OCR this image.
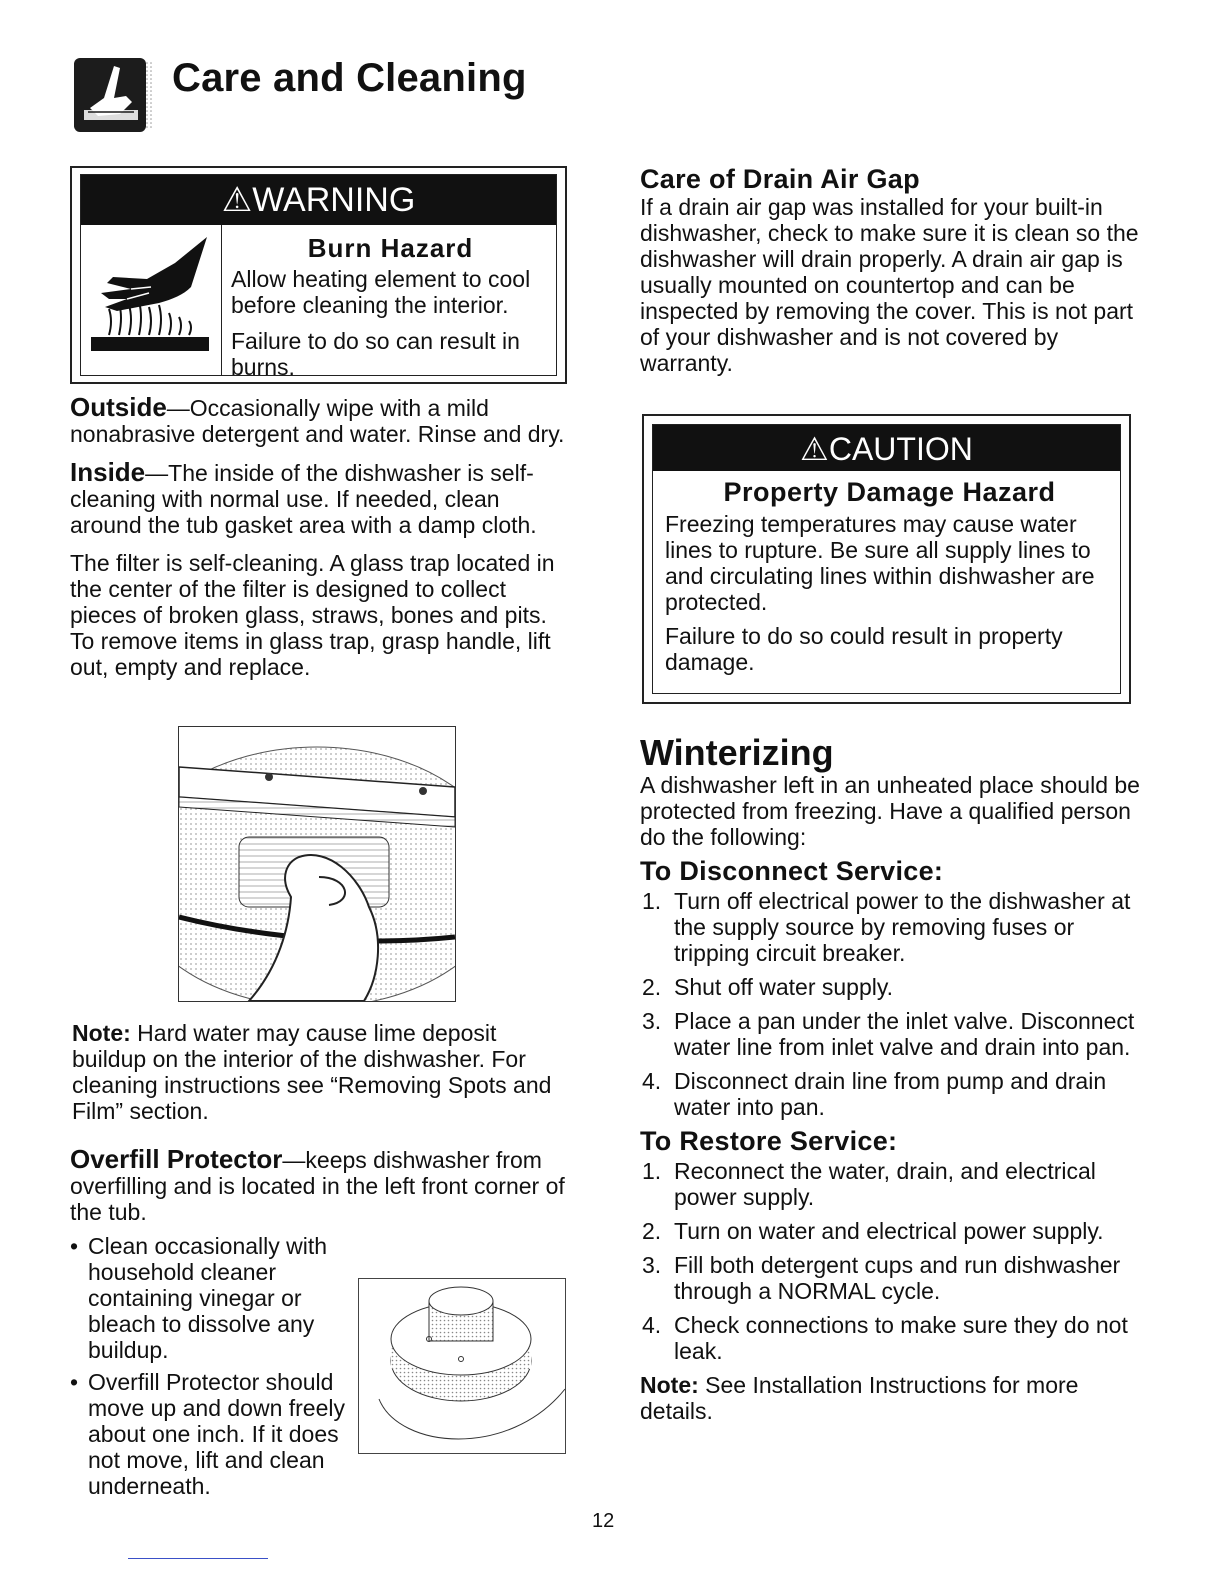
Care and Cleaning
⚠WARNING

Burn Hazard

Allow heating element to cool before cleaning the interior.

Failure to do so can result in burns.

Outside—Occasionally wipe with a mild nonabrasive detergent and water. Rinse and dry.

Inside—The inside of the dishwasher is self-cleaning with normal use. If needed, clean around the tub gasket area with a damp cloth.

The filter is self-cleaning. A glass trap located in the center of the filter is designed to collect pieces of broken glass, straws, bones and pits. To remove items in glass trap, grasp handle, lift out, empty and replace.

Note: Hard water may cause lime deposit buildup on the interior of the dishwasher. For cleaning instructions see “Removing Spots and Film” section.

Overfill Protector—keeps dishwasher from overfilling and is located in the left front corner of the tub.

• Clean occasionally with household cleaner containing vinegar or bleach to dissolve any buildup.
• Overfill Protector should move up and down freely about one inch. If it does not move, lift and clean underneath.

Care of Drain Air Gap

If a drain air gap was installed for your built-in dishwasher, check to make sure it is clean so the dishwasher will drain properly. A drain air gap is usually mounted on countertop and can be inspected by removing the cover. This is not part of your dishwasher and is not covered by warranty.

⚠CAUTION

Property Damage Hazard

Freezing temperatures may cause water lines to rupture. Be sure all supply lines to and circulating lines within dishwasher are protected.

Failure to do so could result in property damage.

Winterizing

A dishwasher left in an unheated place should be protected from freezing. Have a qualified person do the following:

To Disconnect Service:

1. Turn off electrical power to the dishwasher at the supply source by removing fuses or tripping circuit breaker.
2. Shut off water supply.
3. Place a pan under the inlet valve. Disconnect water line from inlet valve and drain into pan.
4. Disconnect drain line from pump and drain water into pan.

To Restore Service:

1. Reconnect the water, drain, and electrical power supply.
2. Turn on water and electrical power supply.
3. Fill both detergent cups and run dishwasher through a NORMAL cycle.
4. Check connections to make sure they do not leak.

Note: See Installation Instructions for more details.

12
